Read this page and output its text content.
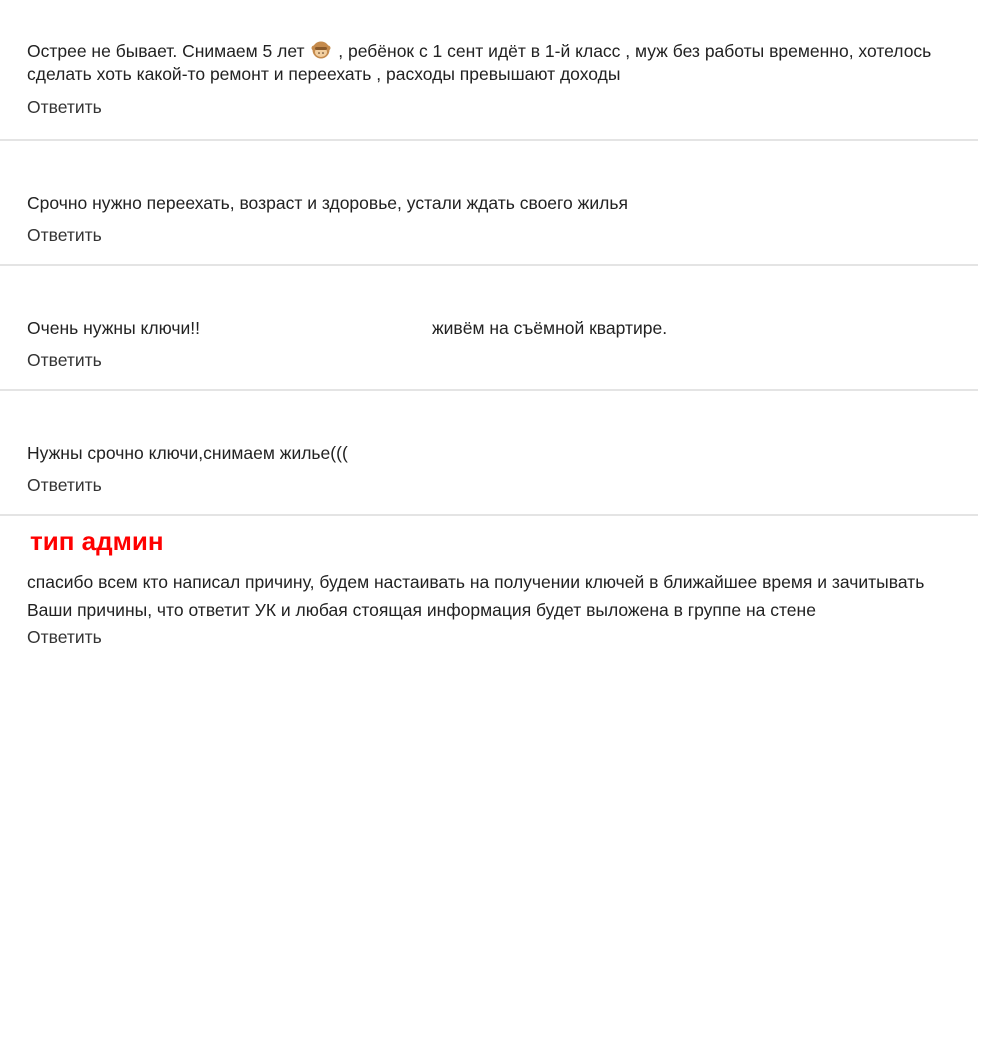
Острее не бывает. Снимаем 5 лет , ребёнок с 1 сент идёт в 1-й класс , муж без работы временно, хотелось
сделать хоть какой-то ремонт и переехать , расходы превышают доходы

Ответить

Срочно нужно переехать, возраст и здоровье, устали ждать своего жилья

Ответить

Очень нужны ключи!!	живём на съёмной квартире.

Ответить

Нужны срочно ключи,снимаем жилье(((

Ответить
тип админ
спасибо всем кто написал причину, будем настаивать на получении ключей в ближайшее время и зачитывать
Ваши причины, что ответит УК и любая стоящая информация будет выложена в группе на стене
Ответить
